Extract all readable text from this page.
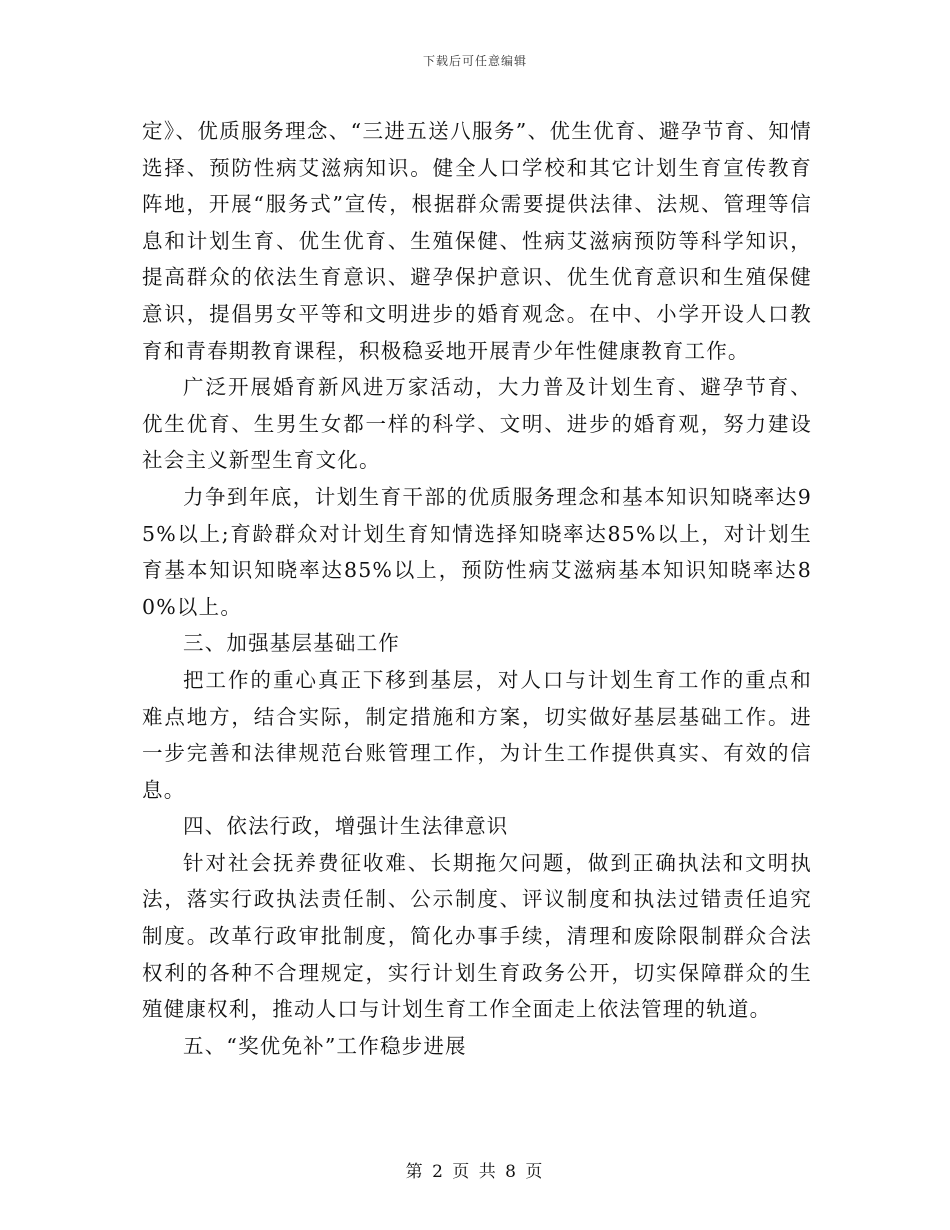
下载后可任意编辑

定》、优质服务理念、“三进五送八服务”、优生优育、避孕节育、知情选择、预防性病艾滋病知识。健全人口学校和其它计划生育宣传教育阵地，开展“服务式”宣传，根据群众需要提供法律、法规、管理等信息和计划生育、优生优育、生殖保健、性病艾滋病预防等科学知识，提高群众的依法生育意识、避孕保护意识、优生优育意识和生殖保健意识，提倡男女平等和文明进步的婚育观念。在中、小学开设人口教育和青春期教育课程，积极稳妥地开展青少年性健康教育工作。

广泛开展婚育新风进万家活动，大力普及计划生育、避孕节育、优生优育、生男生女都一样的科学、文明、进步的婚育观，努力建设社会主义新型生育文化。

力争到年底，计划生育干部的优质服务理念和基本知识知晓率达95%以上;育龄群众对计划生育知情选择知晓率达85%以上，对计划生育基本知识知晓率达85%以上，预防性病艾滋病基本知识知晓率达80%以上。

三、加强基层基础工作

把工作的重心真正下移到基层，对人口与计划生育工作的重点和难点地方，结合实际，制定措施和方案，切实做好基层基础工作。进一步完善和法律规范台账管理工作，为计生工作提供真实、有效的信息。

四、依法行政，增强计生法律意识

针对社会抚养费征收难、长期拖欠问题，做到正确执法和文明执法，落实行政执法责任制、公示制度、评议制度和执法过错责任追究制度。改革行政审批制度，简化办事手续，清理和废除限制群众合法权利的各种不合理规定，实行计划生育政务公开，切实保障群众的生殖健康权利，推动人口与计划生育工作全面走上依法管理的轨道。

五、“奖优免补”工作稳步进展

第 2 页 共 8 页
